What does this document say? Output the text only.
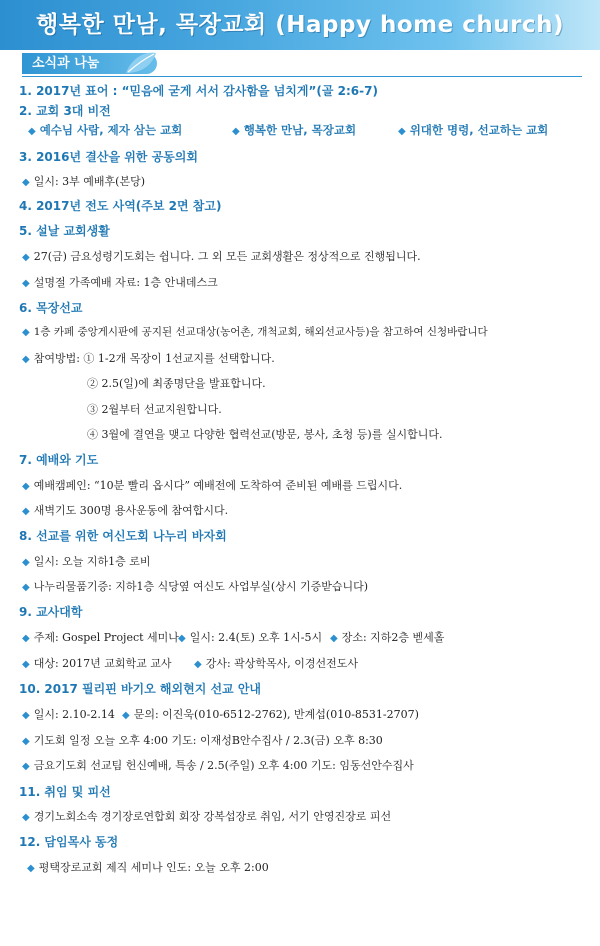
행복한 만남, 목장교회 (Happy home church)
소식과 나눔
1. 2017년 표어 : “믿음에 굳게 서서 감사함을 넘치게”(골 2:6-7)
2. 교회 3대 비전
◆ 예수님 사람, 제자 삼는 교회	◆ 행복한 만남, 목장교회	◆ 위대한 명령, 선교하는 교회
3. 2016년 결산을 위한 공동의회
◆ 일시: 3부 예배후(본당)
4. 2017년 전도 사역(주보 2면 참고)
5. 설날 교회생활
◆ 27(금) 금요성령기도회는 쉽니다. 그 외 모든 교회생활은 정상적으로 진행됩니다.
◆ 설명절 가족예배 자료: 1층 안내데스크
6. 목장선교
◆ 1층 카페 중앙게시판에 공지된 선교대상(농어촌, 개척교회, 해외선교사등)을 참고하여 신청바랍니다
◆ 참여방법: ① 1-2개 목장이 1선교지를 선택합니다.
② 2.5(일)에 최종명단을 발표합니다.
③ 2월부터 선교지원합니다.
④ 3월에 결연을 맺고 다양한 협력선교(방문, 봉사, 초청 등)를 실시합니다.
7. 예배와 기도
◆ 예배캠페인: “10분 빨리 옵시다” 예배전에 도착하여 준비된 예배를 드립시다.
◆ 새벽기도 300명 용사운동에 참여합시다.
8. 선교를 위한 여신도회 나누리 바자회
◆ 일시: 오늘 지하1층 로비
◆ 나누리물품기증: 지하1층 식당옆 여신도 사업부실(상시 기증받습니다)
9. 교사대학
◆ 주제: Gospel Project 세미나 ◆ 일시: 2.4(토) 오후 1시-5시 ◆ 장소: 지하2층 벧세홀
◆ 대상: 2017년 교회학교 교사 ◆ 강사: 곽상학목사, 이경선전도사
10. 2017 필리핀 바기오 해외현지 선교 안내
◆ 일시: 2.10-2.14 ◆ 문의: 이진욱(010-6512-2762), 반계섭(010-8531-2707)
◆ 기도회 일정 오늘 오후 4:00 기도: 이재성B안수집사 / 2.3(금) 오후 8:30
◆ 금요기도회 선교팀 헌신예배, 특송 / 2.5(주일) 오후 4:00 기도: 임동선안수집사
11. 취임 및 피선
◆ 경기노회소속 경기장로연합회 회장 강복섭장로 취임, 서기 안영진장로 피선
12. 담임목사 동정
◆ 평택장로교회 제직 세미나 인도: 오늘 오후 2:00
